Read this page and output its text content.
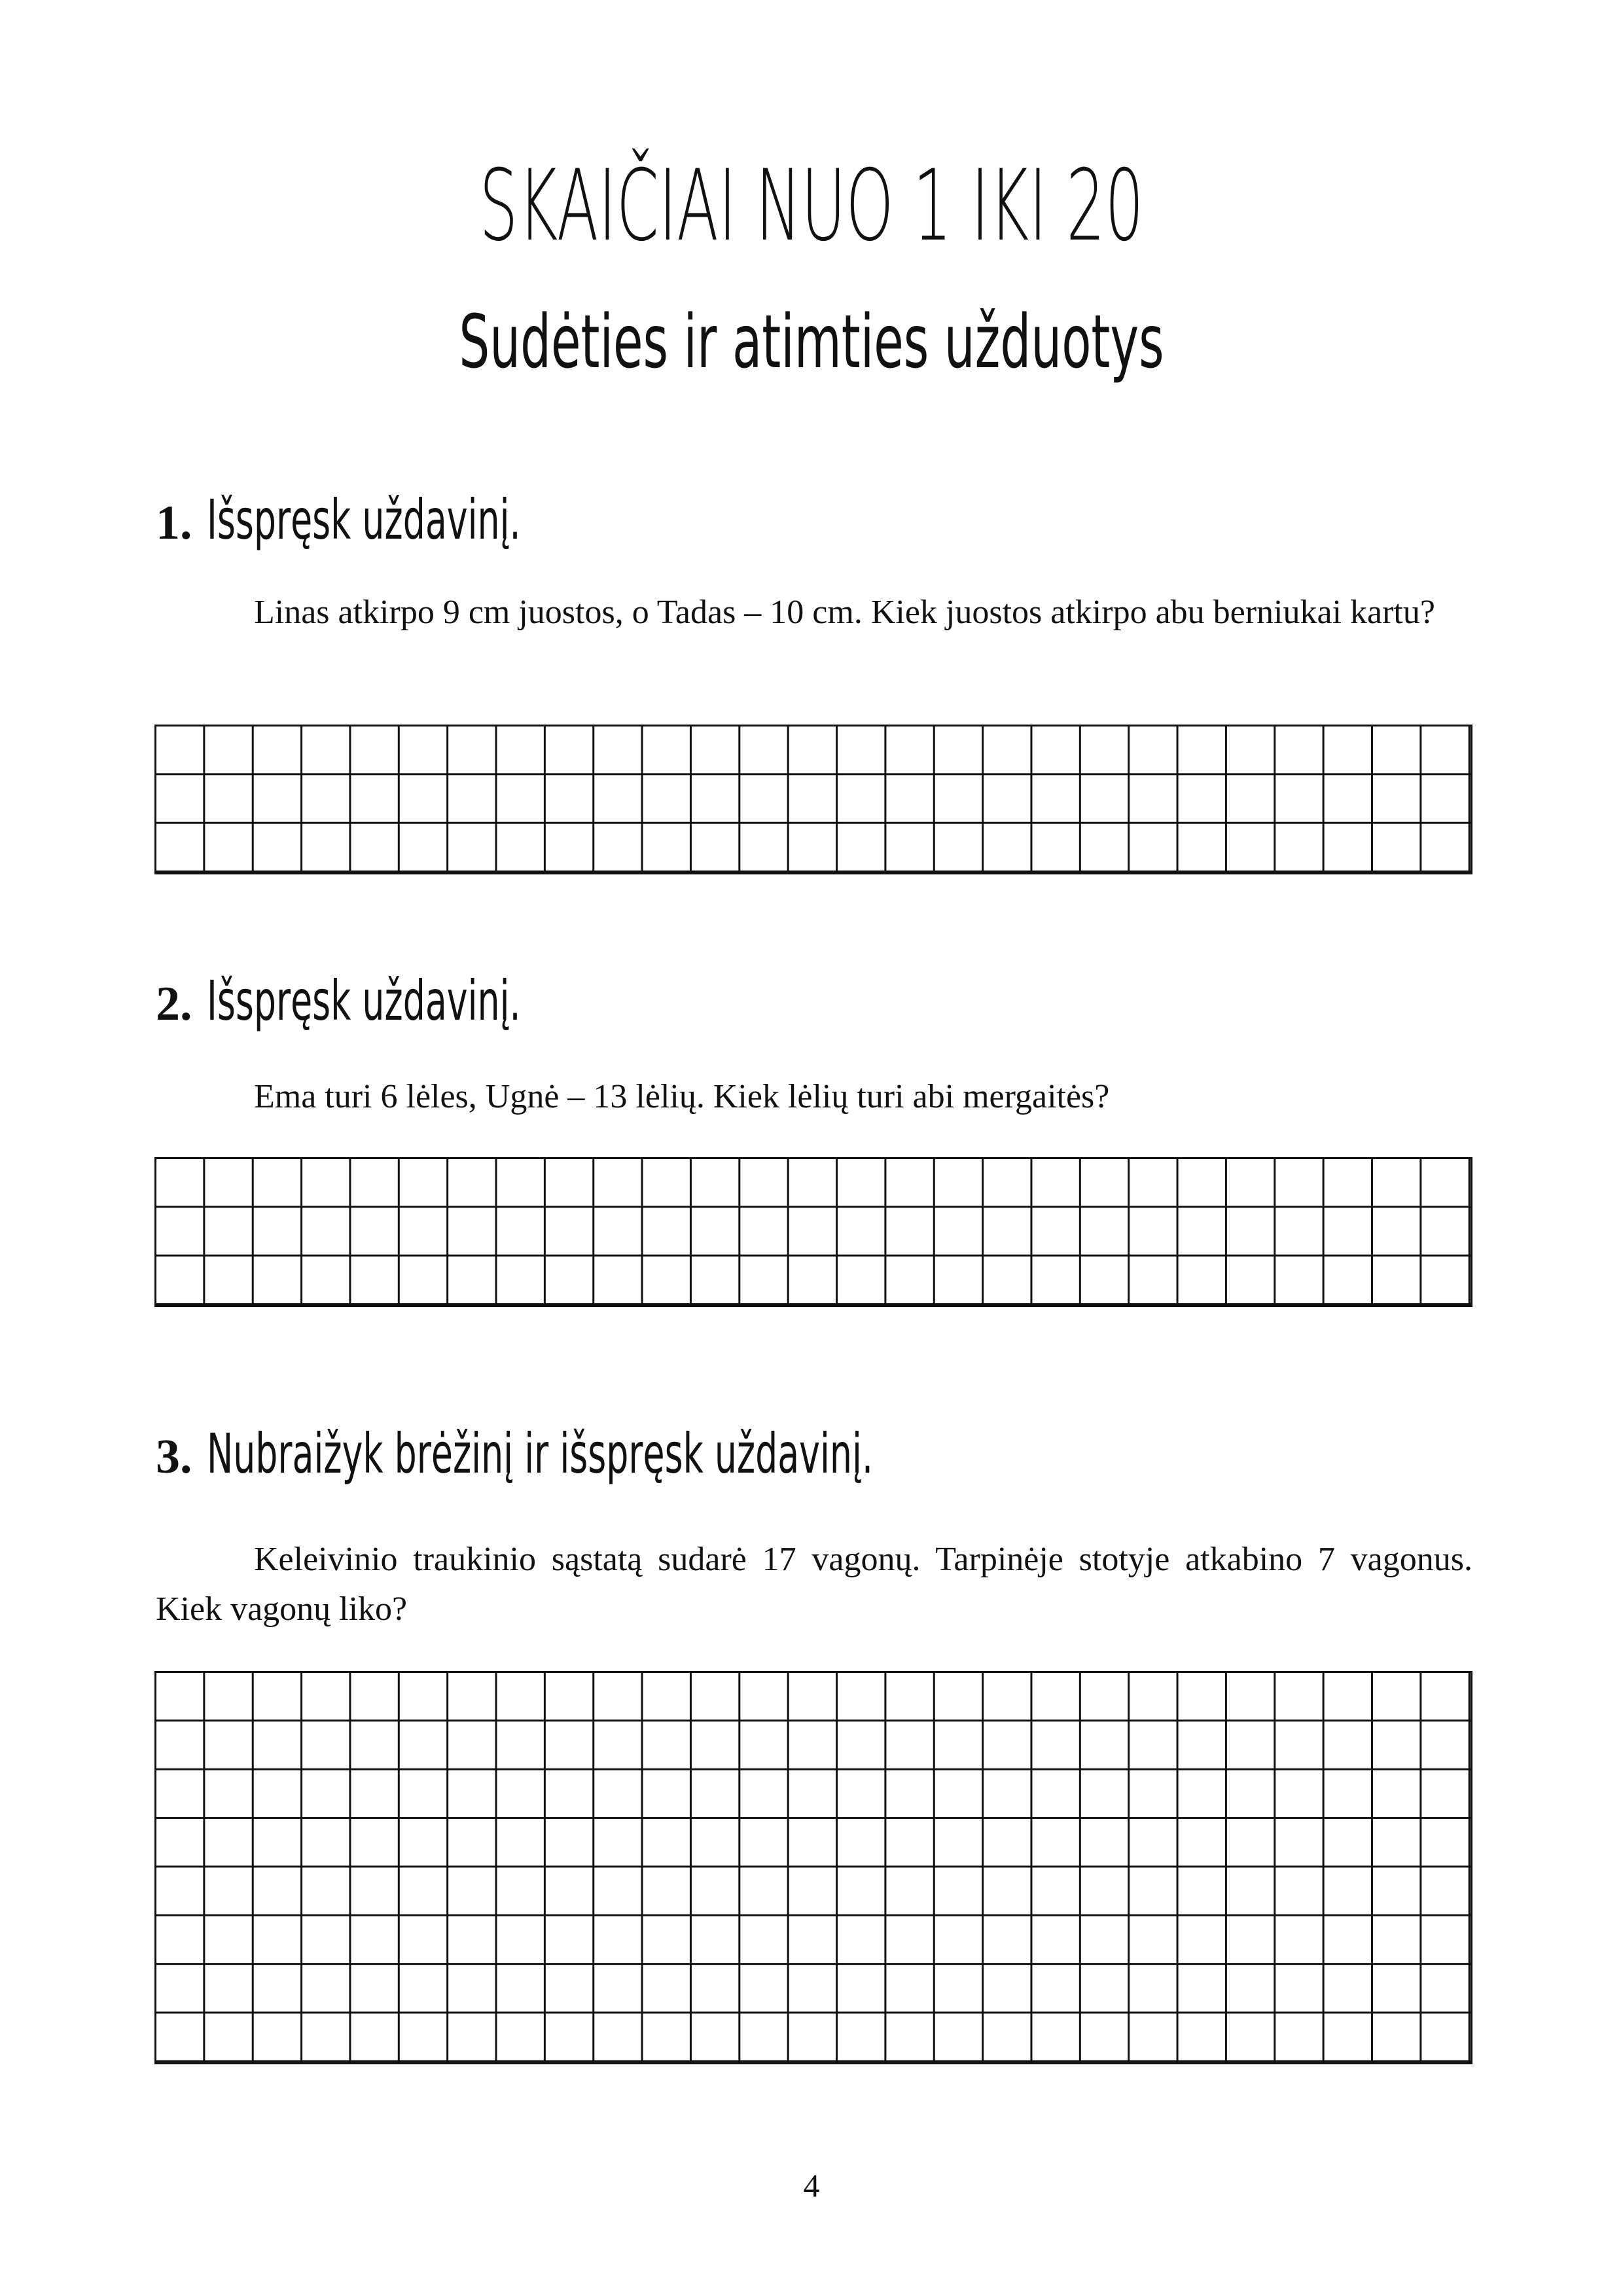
SKAIČIAI NUO 1 IKI 20
Sudėties ir atimties užduotys
1. Išspręsk uždavinį.

Linas atkirpo 9 cm juostos, o Tadas – 10 cm. Kiek juostos atkirpo abu berniukai kartu?

2. Išspręsk uždavinį.

Ema turi 6 lėles, Ugnė – 13 lėlių. Kiek lėlių turi abi mergaitės?

3. Nubraižyk brėžinį ir išspręsk uždavinį.

Keleivinio traukinio sąstatą sudarė 17 vagonų. Tarpinėje stotyje atkabino 7 vagonus. Kiek vagonų liko?

4
